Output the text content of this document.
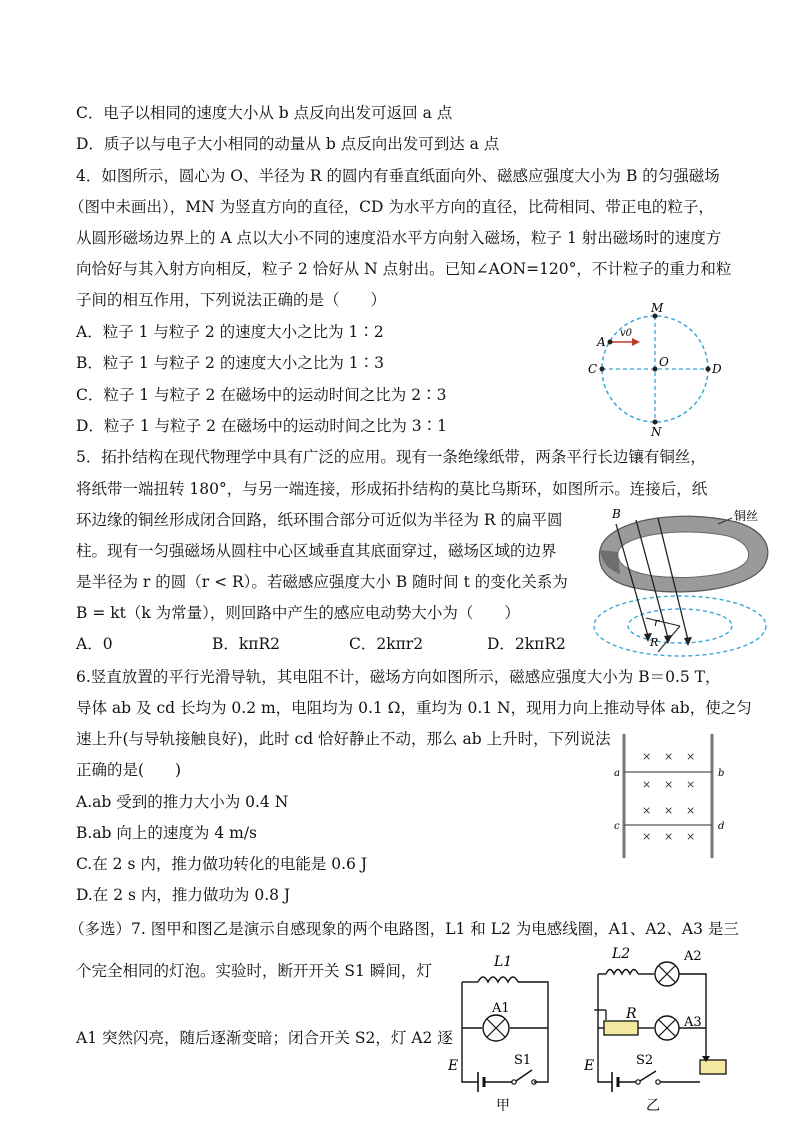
C．电子以相同的速度大小从 b 点反向出发可返回 a 点
D．质子以与电子大小相同的动量从 b 点反向出发可到达 a 点
4．如图所示，圆心为 O、半径为 R 的圆内有垂直纸面向外、磁感应强度大小为 B 的匀强磁场
（图中未画出），MN 为竖直方向的直径，CD 为水平方向的直径，比荷相同、带正电的粒子，
从圆形磁场边界上的 A 点以大小不同的速度沿水平方向射入磁场，粒子 1 射出磁场时的速度方
向恰好与其入射方向相反，粒子 2 恰好从 N 点射出。已知∠AON=120°，不计粒子的重力和粒
子间的相互作用，下列说法正确的是（　　）
A．粒子 1 与粒子 2 的速度大小之比为 1∶2
B．粒子 1 与粒子 2 的速度大小之比为 1∶3
C．粒子 1 与粒子 2 在磁场中的运动时间之比为 2∶3
D．粒子 1 与粒子 2 在磁场中的运动时间之比为 3∶1
M
N
C	D
O
A
v0
5．拓扑结构在现代物理学中具有广泛的应用。现有一条绝缘纸带，两条平行长边镶有铜丝，
将纸带一端扭转 180°，与另一端连接，形成拓扑结构的莫比乌斯环，如图所示。连接后，纸
环边缘的铜丝形成闭合回路，纸环围合部分可近似为半径为 R 的扁平圆
柱。现有一匀强磁场从圆柱中心区域垂直其底面穿过，磁场区域的边界
是半径为 r 的圆（r < R）。若磁感应强度大小 B 随时间 t 的变化关系为
B = kt（k 为常量），则回路中产生的感应电动势大小为（　　）
A．0	B．kπR2	C．2kπr2	D．2kπR2
B	铜丝
r
R
6.竖直放置的平行光滑导轨，其电阻不计，磁场方向如图所示，磁感应强度大小为 B＝0.5 T，
导体 ab 及 cd 长均为 0.2 m，电阻均为 0.1 Ω，重均为 0.1 N，现用力向上推动导体 ab，使之匀
速上升(与导轨接触良好)，此时 cd 恰好静止不动，那么 ab 上升时，下列说法
正确的是(　　)
A.ab 受到的推力大小为 0.4 N
B.ab 向上的速度为 4 m/s
C.在 2 s 内，推力做功转化的电能是 0.6 J
D.在 2 s 内，推力做功为 0.8 J
× × ×
× × ×
× × ×
× × ×
a	b
c	d
（多选）7. 图甲和图乙是演示自感现象的两个电路图，L1 和 L2 为电感线圈，A1、A2、A3 是三
个完全相同的灯泡。实验时，断开开关 S1 瞬间，灯
A1 突然闪亮，随后逐渐变暗；闭合开关 S2，灯 A2 逐
L1
A1
E	S1
甲
L2	A2
R
A3
E	S2
乙
